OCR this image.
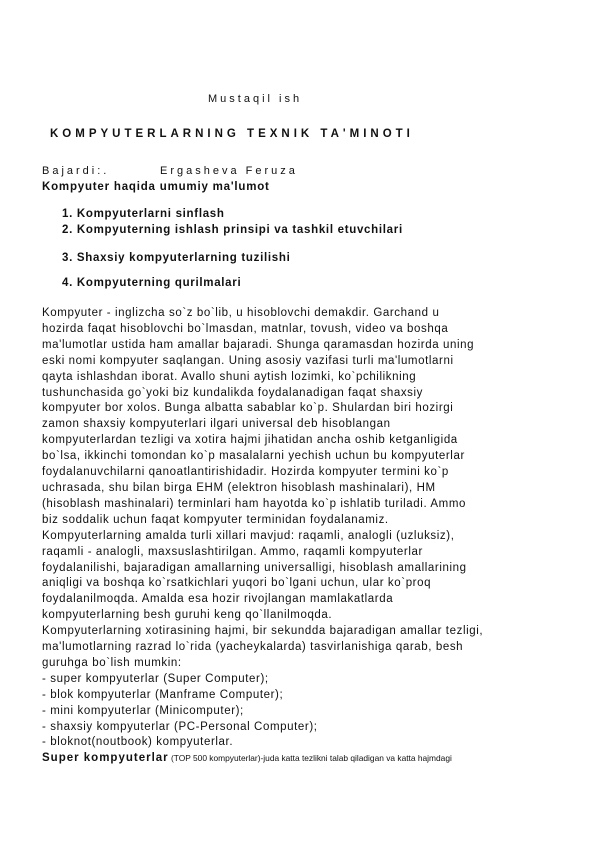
Mustaqil ish
KOMPYUTERLARNING TEXNIK TA'MINOTI
Bajardi:.	Ergasheva Feruza
Kompyuter haqida umumiy ma'lumot
1. Kompyuterlarni sinflash
2. Kompyuterning ishlash prinsipi va tashkil etuvchilari
3. Shaxsiy kompyuterlarning tuzilishi
4. Kompyuterning qurilmalari
Kompyuter - inglizcha so`z bo`lib, u hisoblovchi demakdir. Garchand u
hozirda faqat hisoblovchi bo`lmasdan, matnlar, tovush, video va boshqa
ma'lumotlar ustida ham amallar bajaradi. Shunga qaramasdan hozirda uning
eski nomi kompyuter saqlangan. Uning asosiy vazifasi turli ma'lumotlarni
qayta ishlashdan iborat. Avallo shuni aytish lozimki, ko`pchilikning
tushunchasida go`yoki biz kundalikda foydalanadigan faqat shaxsiy
kompyuter bor xolos. Bunga albatta sabablar ko`p. Shulardan biri hozirgi
zamon shaxsiy kompyuterlari ilgari universal deb hisoblangan
kompyuterlardan tezligi va xotira hajmi jihatidan ancha oshib ketganligida
bo`lsa, ikkinchi tomondan ko`p masalalarni yechish uchun bu kompyuterlar
foydalanuvchilarni qanoatlantirishidadir. Hozirda kompyuter termini ko`p
uchrasada, shu bilan birga EHM (elektron hisoblash mashinalari), HM
(hisoblash mashinalari) terminlari ham hayotda ko`p ishlatib turiladi. Ammo
biz soddalik uchun faqat kompyuter terminidan foydalanamiz.
Kompyuterlarning amalda turli xillari mavjud: raqamli, analogli (uzluksiz),
raqamli - analogli, maxsuslashtirilgan. Ammo, raqamli kompyuterlar
foydalanilishi, bajaradigan amallarning universalligi, hisoblash amallarining
aniqligi va boshqa ko`rsatkichlari yuqori bo`lgani uchun, ular ko`proq
foydalanilmoqda. Amalda esa hozir rivojlangan mamlakatlarda
kompyuterlarning besh guruhi keng qo`llanilmoqda.
Kompyuterlarning xotirasining hajmi, bir sekundda bajaradigan amallar tezligi,
ma'lumotlarning razrad lo`rida (yacheykalarda) tasvirlanishiga qarab, besh
guruhga bo`lish mumkin:
- super kompyuterlar (Super Computer);
- blok kompyuterlar (Manframe Computer);
- mini kompyuterlar (Minicomputer);
- shaxsiy kompyuterlar (PC-Personal Computer);
- bloknot(noutbook) kompyuterlar.
Super kompyuterlar (TOP 500 kompyuterlar)-juda katta tezlikni talab qiladigan va katta hajmdagi
